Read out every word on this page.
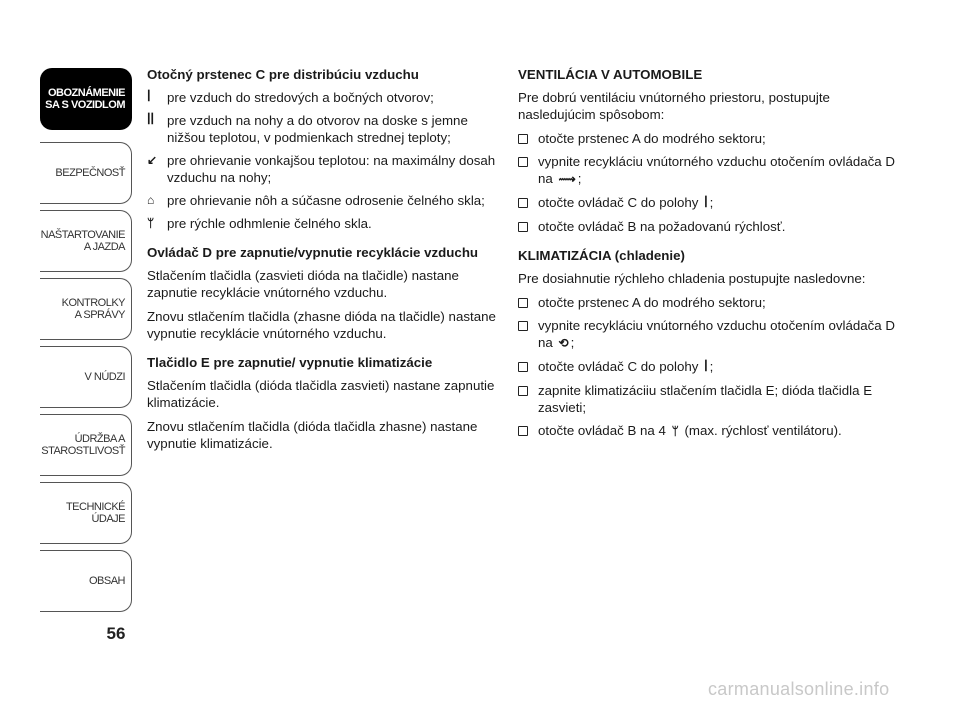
OBOZNÁMENIE
SA S VOZIDLOM
BEZPEČNOSŤ
NAŠTARTOVANIE
A JAZDA
KONTROLKY
A SPRÁVY
V NÚDZI
ÚDRŽBA A
STAROSTLIVOSŤ
TECHNICKÉ
ÚDAJE
OBSAH
56
Otočný prstenec C pre distribúciu vzduchu
ꟾ	pre vzduch do stredových a bočných otvorov;
ꟾꟾ pre vzduch na nohy a do otvorov na doske s jemne nižšou teplotou, v podmienkach strednej teploty;
↙ pre ohrievanie vonkajšou teplotou: na maximálny dosah vzduchu na nohy;
⌂ pre ohrievanie nôh a súčasne odrosenie čelného skla;
ᛘ pre rýchle odhmlenie čelného skla.
Ovládač D pre zapnutie/vypnutie recyklácie vzduchu

Stlačením tlačidla (zasvieti dióda na tlačidle) nastane zapnutie recyklácie vnútorného vzduchu.

Znovu stlačením tlačidla (zhasne dióda na tlačidle) nastane vypnutie recyklácie vnútorného vzduchu.

Tlačidlo E pre zapnutie/ vypnutie klimatizácie

Stlačením tlačidla (dióda tlačidla zasvieti) nastane zapnutie klimatizácie.

Znovu stlačením tlačidla (dióda tlačidla zhasne) nastane vypnutie klimatizácie.

VENTILÁCIA V AUTOMOBILE

Pre dobrú ventiláciu vnútorného priestoru, postupujte nasledujúcim spôsobom:

otočte prstenec A do modrého sektoru;
vypnite recykláciu vnútorného vzduchu otočením ovládača D na ⟿ ;
otočte ovládač C do polohy ꟾ ;
otočte ovládač B na požadovanú rýchlosť.
KLIMATIZÁCIA (chladenie)

Pre dosiahnutie rýchleho chladenia postupujte nasledovne:

otočte prstenec A do modrého sektoru;
vypnite recykláciu vnútorného vzduchu otočením ovládača D na ⟲ ;
otočte ovládač C do polohy ꟾ ;
zapnite klimatizáciiu stlačením tlačidla E; dióda tlačidla E zasvieti;
otočte ovládač B na 4 ᛘ (max. rýchlosť ventilátoru).
carmanualsonline.info
